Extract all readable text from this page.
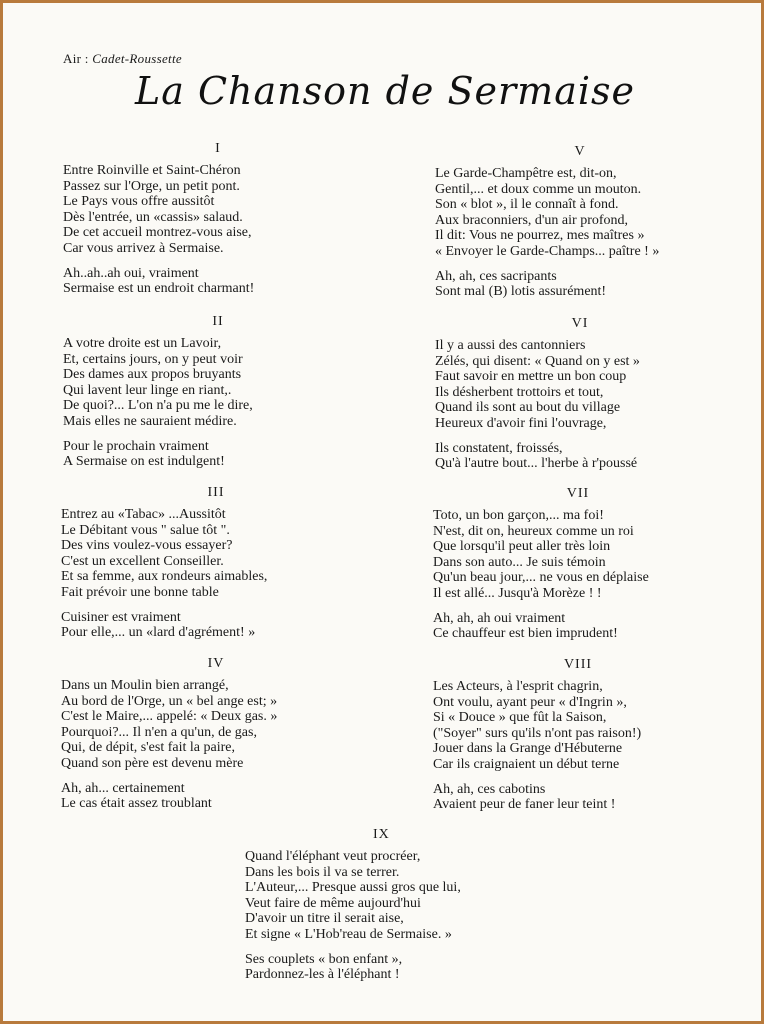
Air : Cadet-Roussette
La Chanson de Sermaise
I
Entre Roinville et Saint-Chéron
Passez sur l'Orge, un petit pont.
Le Pays vous offre aussitôt
Dès l'entrée, un «cassis» salaud.
De cet accueil montrez-vous aise,
Car vous arrivez à Sermaise.
Ah..ah..ah oui, vraiment
Sermaise est un endroit charmant!
II
A votre droite est un Lavoir,
Et, certains jours, on y peut voir
Des dames aux propos bruyants
Qui lavent leur linge en riant,.
De quoi?... L'on n'a pu me le dire,
Mais elles ne sauraient médire.
Pour le prochain vraiment
A Sermaise on est indulgent!
III
Entrez au «Tabac» ...Aussitôt
Le Débitant vous " salue tôt ".
Des vins voulez-vous essayer?
C'est un excellent Conseiller.
Et sa femme, aux rondeurs aimables,
Fait prévoir une bonne table
Cuisiner est vraiment
Pour elle,... un «lard d'agrément! »
IV
Dans un Moulin bien arrangé,
Au bord de l'Orge, un « bel ange est; »
C'est le Maire,... appelé: « Deux gas. »
Pourquoi?... Il n'en a qu'un, de gas,
Qui, de dépit, s'est fait la paire,
Quand son père est devenu mère
Ah, ah... certainement
Le cas était assez troublant
V
Le Garde-Champêtre est, dit-on,
Gentil,... et doux comme un mouton.
Son « blot », il le connaît à fond.
Aux braconniers, d'un air profond,
Il dit: Vous ne pourrez, mes maîtres »
« Envoyer le Garde-Champs... paître ! »
Ah, ah, ces sacripants
Sont mal (B) lotis assurément!
VI
Il y a aussi des cantonniers
Zélés, qui disent: « Quand on y est »
Faut savoir en mettre un bon coup
Ils désherbent trottoirs et tout,
Quand ils sont au bout du village
Heureux d'avoir fini l'ouvrage,
Ils constatent, froissés,
Qu'à l'autre bout... l'herbe à r'poussé
VII
Toto, un bon garçon,... ma foi!
N'est, dit on, heureux comme un roi
Que lorsqu'il peut aller très loin
Dans son auto... Je suis témoin
Qu'un beau jour,... ne vous en déplaise
Il est allé... Jusqu'à Morèze ! !
Ah, ah, ah oui vraiment
Ce chauffeur est bien imprudent!
VIII
Les Acteurs, à l'esprit chagrin,
Ont voulu, ayant peur « d'Ingrin »,
Si « Douce » que fût la Saison,
("Soyer" surs qu'ils n'ont pas raison!)
Jouer dans la Grange d'Hébuterne
Car ils craignaient un début terne
Ah, ah, ces cabotins
Avaient peur de faner leur teint !
IX
Quand l'éléphant veut procréer,
Dans les bois il va se terrer.
L'Auteur,... Presque aussi gros que lui,
Veut faire de même aujourd'hui
D'avoir un titre il serait aise,
Et signe « L'Hob'reau de Sermaise. »
Ses couplets « bon enfant »,
Pardonnez-les à l'éléphant !
